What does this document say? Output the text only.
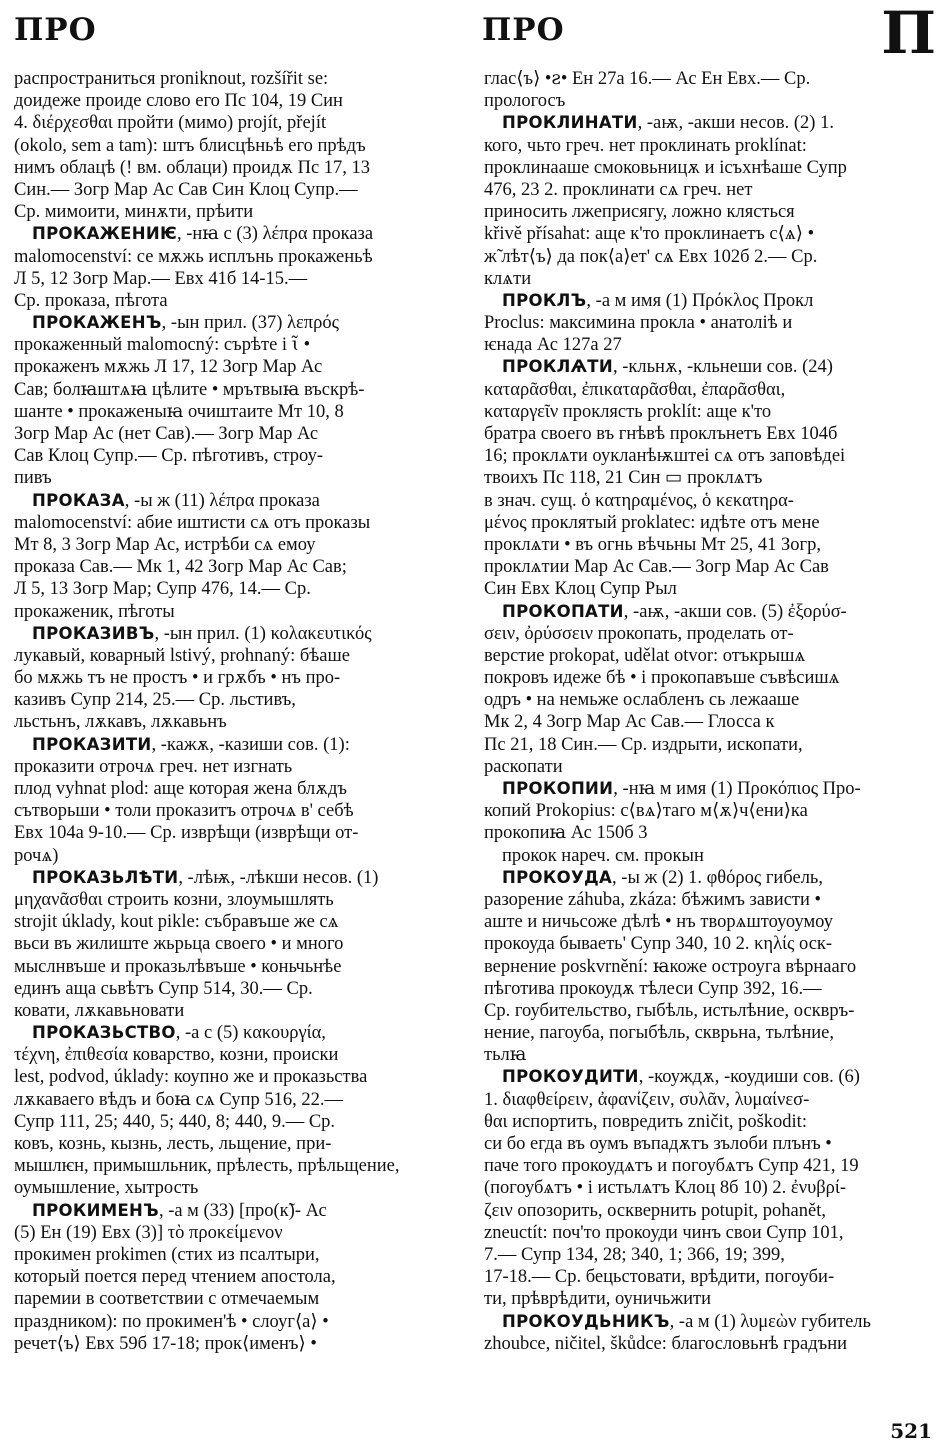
ПРО	ПРО	П
распространиться proniknout, rozšířit se:
доидеже проиде слово его Пс 104, 19 Син
4. διέρχεσθαι пройти (мимо) projít, přejít
(okolo, sem a tam): штъ блисцѣньѣ его прѣдъ
нимъ облацѣ (! вм. облаци) проидѫ Пс 17, 13
Син.— Зогр Мар Ас Сав Син Клоц Супр.—
Ср. мимоити, минѫти, прѣити
ПРОКАЖЕНИѤ, -нꙗ с (3) λέπρα проказа
malomocenství: се мѫжь исплънь прокаженьѣ
Л 5, 12 Зогр Мар.— Евх 41б 14-15.—
Ср. проказа, пѣгота
ПРОКАЖЕНЪ, -ын прил. (37) λεπρός
прокаженный malomocný: сърѣте і ꙇ̃ •
прокаженъ мѫжь Л 17, 12 Зогр Мар Ас
Сав; болꙗштѧꙗ цѣлите • мрътвыꙗ въскрѣ-
шанте • прокаженыꙗ очиштаите Мт 10, 8
Зогр Мар Ас (нет Сав).— Зогр Мар Ас
Сав Клоц Супр.— Ср. пѣготивъ, строу-
пивъ
ПРОКАЗА, -ы ж (11) λέπρα проказа
malomocenství: абие иштисти сѧ отъ проказы
Мт 8, 3 Зогр Мар Ас, истрѣби сѧ емоу
проказа Сав.— Мк 1, 42 Зогр Мар Ас Сав;
Л 5, 13 Зогр Мар; Супр 476, 14.— Ср.
прокаженик, пѣготы
ПРОКАЗИВЪ, -ын прил. (1) κολακευτικός
лукавый, коварный lstivý, prohnaný: бѣаше
бо мѫжь тъ не простъ • и грѫбъ • нъ про-
казивъ Супр 214, 25.— Ср. льстивъ,
льстьнъ, лѫкавъ, лѫкавьнъ
ПРОКАЗИТИ, -кажѫ, -казиши сов. (1):
проказити отрочѧ греч. нет изгнать
плод vyhnat plod: аще которая жена блѫдъ
сътворьши • толи проказитъ отрочѧ в' себѣ
Евх 104а 9-10.— Ср. изврѣщи (изврѣщи от-
рочѧ)
ПРОКАЗЬЛѢТИ, -лѣѭ, -лѣкши несов. (1)
μηχανᾶσθαι строить козни, злоумышлять
strojit úklady, kout pikle: събравъше же сѧ
вьси въ жилиште жьрьца своего • и много
мыслнвъше и проказьлѣвъше • коньчьнѣе
единъ аща сьвѣтъ Супр 514, 30.— Ср.
ковати, лѫкавьновати
ПРОКАЗЬСТВО, -а с (5) κακουργία,
τέχνη, ἐπιθεσία коварство, козни, происки
lest, podvod, úklady: коупно же и проказьства
лѫкаваего вѣдъ и боꙗ сѧ Супр 516, 22.—
Супр 111, 25; 440, 5; 440, 8; 440, 9.— Ср.
ковъ, кознь, кызнь, лесть, льщение, при-
мышлѥн, примышльник, прѣлесть, прѣльщение,
оумышление, хытрость
ПРОКИМЕНЪ, -а м (33) [про(к̃)- Ас
(5) Ен (19) Евх (3)] τὸ προκείμενον
прокимен prokimen (стих из псалтыри,
который поется перед чтением апостола,
паремии в соответствии с отмечаемым
праздником): по прокимен'ѣ • слоуг⟨а⟩ •
речет⟨ъ⟩ Евх 59б 17-18; прок⟨именъ⟩ •
глас⟨ъ⟩ •ꙅ• Ен 27а 16.— Ас Ен Евх.— Ср.
прологосъ
ПРОКЛИНАТИ, -аѭ, -акши несов. (2) 1.
кого, чьто греч. нет проклинать proklínat:
проклинааше смоковьницѫ и ісъхнѣаше Супр
476, 23 2. проклинати сѧ греч. нет
приносить лжеприсягу, ложно клясться
křivě přísahat: аще к'то проклинаетъ с⟨ѧ⟩ •
ж̃ лѣт⟨ъ⟩ да пок⟨а⟩ет' сѧ Евх 102б 2.— Ср.
клѧти
ПРОКЛЪ, -а м имя (1) Πρόκλος Прокл
Proclus: максимина прокла • анатоліѣ и
ѥнада Ас 127а 27
ПРОКЛѦТИ, -кльнѫ, -кльнеши сов. (24)
καταρᾶσθαι, ἐπικαταρᾶσθαι, ἐπαρᾶσθαι,
καταργεῖν проклясть proklít: аще к'то
братра своего въ гнѣвѣ проклънетъ Евх 104б
16; проклѧти оукланѣѭштеі сѧ отъ заповѣдеі
твоихъ Пс 118, 21 Син ▭ проклѧтъ
в знач. сущ. ὁ κατηραμένος, ὁ κεκατηρα-
μένος проклятый proklatec: идѣте отъ мене
проклѧти • въ огнь вѣчьны Мт 25, 41 Зогр,
проклѧтии Мар Ас Сав.— Зогр Мар Ас Сав
Син Евх Клоц Супр Рыл
ПРОКОПАТИ, -аѭ, -акши сов. (5) ἐξορύσ-
σειν, ὀρύσσειν прокопать, проделать от-
верстие prokopat, udělat otvor: отъкрышѧ
покровъ идеже бѣ • і прокопавъше съвѣсишѧ
одръ • на немьже ослабленъ сь лежааше
Мк 2, 4 Зогр Мар Ас Сав.— Глосса к
Пс 21, 18 Син.— Ср. издрыти, ископати,
раскопати
ПРОКОПИИ, -нꙗ м имя (1) Προκόπιος Про-
копий Prokopius: с⟨вѧ⟩таго м⟨ѫ⟩ч⟨ени⟩ка
прокопиꙗ Ас 150б 3
прокок нареч. см. прокын
ПРОКОУДА, -ы ж (2) 1. φθόρος гибель,
разорение záhuba, zkáza: бѣжимъ зависти •
аште и ничьсоже дѣлѣ • нъ творѧштоуоумоу
прокоуда бываеть' Супр 340, 10 2. κηλίς оск-
вернение poskvrnění: ꙗкоже остроуга вѣрнааго
пѣготива прокоудѫ тѣлеси Супр 392, 16.—
Ср. гоубительство, гыбѣль, истьлѣние, осквръ-
нение, пагоуба, погыбѣль, скврьна, тьлѣние,
тьлꙗ
ПРОКОУДИТИ, -коуждѫ, -коудиши сов. (6)
1. διαφθείρειν, ἀφανίζειν, συλᾶν, λυμαίνεσ-
θαι испортить, повредить zničit, poškodit:
си бо егда въ оумъ въпадѫтъ зълоби плънъ •
паче того прокоудѧтъ и погоубѧтъ Супр 421, 19
(погоубѧтъ • і истьлѧтъ Клоц 8б 10) 2. ἐνυβρί-
ζειν опозорить, осквернить potupit, pohanět,
zneuctít: поч'то прокоуди чинъ свои Супр 101,
7.— Супр 134, 28; 340, 1; 366, 19; 399,
17-18.— Ср. бецьстовати, врѣдити, погоуби-
ти, прѣврѣдити, оуничьжити
ПРОКОУДЬНИКЪ, -а м (1) λυμεὼν губитель
zhoubce, ničitel, škůdce: благословьнѣ градъни
521
